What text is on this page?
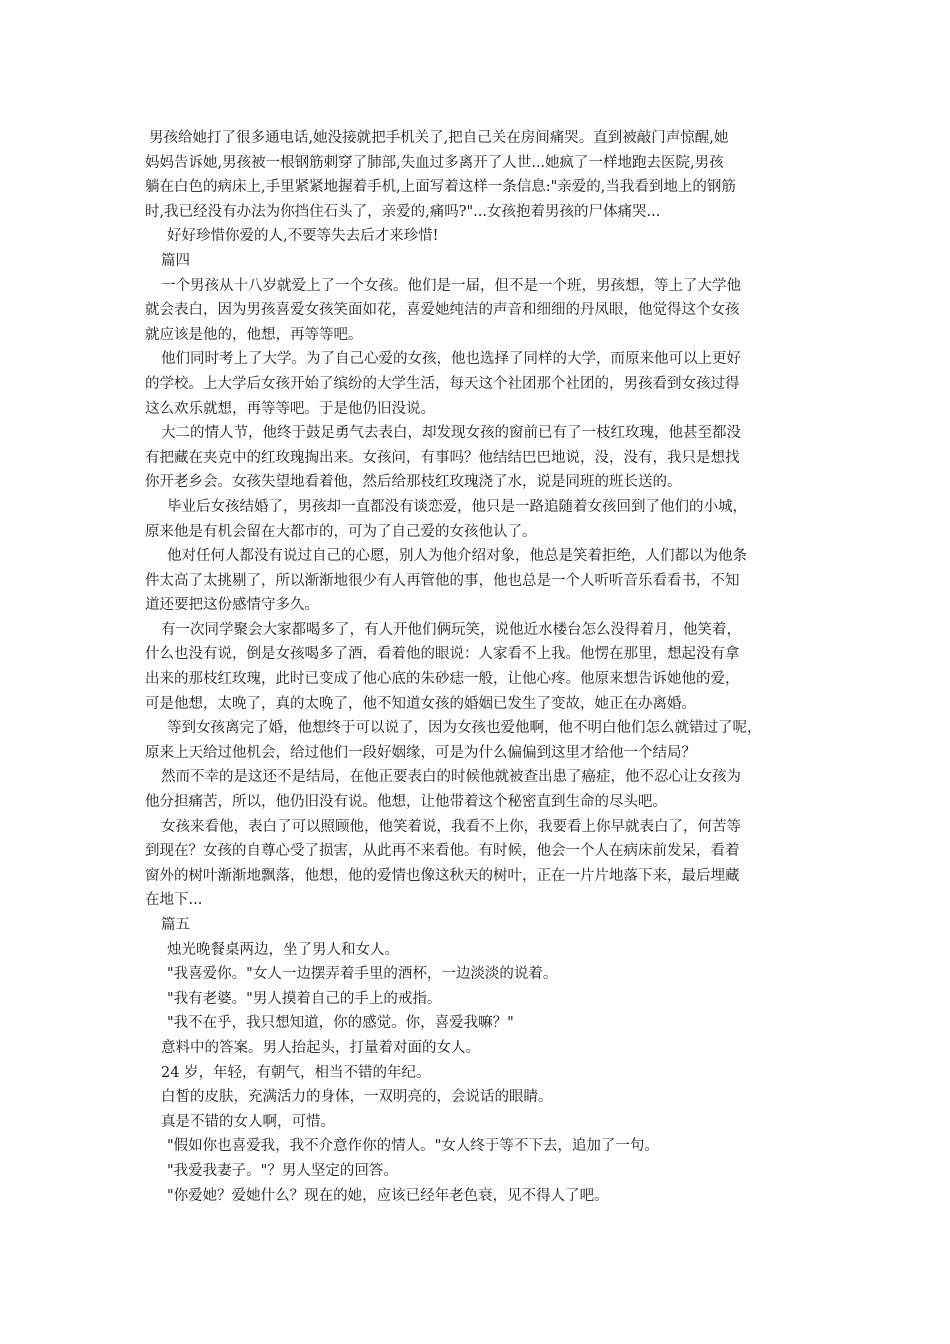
男孩给她打了很多通电话,她没接就把手机关了,把自己关在房间痛哭。直到被敲门声惊醒,她
妈妈告诉她,男孩被一根钢筋刺穿了肺部,失血过多离开了人世...她疯了一样地跑去医院,男孩
躺在白色的病床上,手里紧紧地握着手机,上面写着这样一条信息:"亲爱的,当我看到地上的钢筋
时,我已经没有办法为你挡住石头了，亲爱的,痛吗?"...女孩抱着男孩的尸体痛哭...
好好珍惜你爱的人,不要等失去后才来珍惜!
篇四
一个男孩从十八岁就爱上了一个女孩。他们是一届，但不是一个班，男孩想，等上了大学他
就会表白，因为男孩喜爱女孩笑面如花，喜爱她纯洁的声音和细细的丹凤眼，他觉得这个女孩
就应该是他的，他想，再等等吧。
他们同时考上了大学。为了自己心爱的女孩，他也选择了同样的大学，而原来他可以上更好
的学校。上大学后女孩开始了缤纷的大学生活，每天这个社团那个社团的，男孩看到女孩过得
这么欢乐就想，再等等吧。于是他仍旧没说。
大二的情人节，他终于鼓足勇气去表白，却发现女孩的窗前已有了一枝红玫瑰，他甚至都没
有把藏在夹克中的红玫瑰掏出来。女孩问，有事吗？他结结巴巴地说，没，没有，我只是想找
你开老乡会。女孩失望地看着他，然后给那枝红玫瑰浇了水，说是同班的班长送的。
毕业后女孩结婚了，男孩却一直都没有谈恋爱，他只是一路追随着女孩回到了他们的小城，
原来他是有机会留在大都市的，可为了自己爱的女孩他认了。
他对任何人都没有说过自己的心愿，别人为他介绍对象，他总是笑着拒绝，人们都以为他条
件太高了太挑剔了，所以渐渐地很少有人再管他的事，他也总是一个人听听音乐看看书，不知
道还要把这份感情守多久。
有一次同学聚会大家都喝多了，有人开他们俩玩笑，说他近水楼台怎么没得着月，他笑着，
什么也没有说，倒是女孩喝多了酒，看着他的眼说：人家看不上我。他愣在那里，想起没有拿
出来的那枝红玫瑰，此时已变成了他心底的朱砂痣一般，让他心疼。他原来想告诉她他的爱，
可是他想，太晚了，真的太晚了，他不知道女孩的婚姻已发生了变故，她正在办离婚。
等到女孩离完了婚，他想终于可以说了，因为女孩也爱他啊，他不明白他们怎么就错过了呢，
原来上天给过他机会，给过他们一段好姻缘，可是为什么偏偏到这里才给他一个结局？
然而不幸的是这还不是结局，在他正要表白的时候他就被查出患了癌症，他不忍心让女孩为
他分担痛苦，所以，他仍旧没有说。他想，让他带着这个秘密直到生命的尽头吧。
女孩来看他，表白了可以照顾他，他笑着说，我看不上你，我要看上你早就表白了，何苦等
到现在？女孩的自尊心受了损害，从此再不来看他。有时候，他会一个人在病床前发呆，看着
窗外的树叶渐渐地飘落，他想，他的爱情也像这秋天的树叶，正在一片片地落下来，最后埋藏
在地下...
篇五
烛光晚餐桌两边，坐了男人和女人。
"我喜爱你。"女人一边摆弄着手里的酒杯，一边淡淡的说着。
"我有老婆。"男人摸着自己的手上的戒指。
"我不在乎，我只想知道，你的感觉。你，喜爱我嘛？"
意料中的答案。男人抬起头，打量着对面的女人。
24 岁，年轻，有朝气，相当不错的年纪。
白皙的皮肤，充满活力的身体，一双明亮的，会说话的眼睛。
真是不错的女人啊，可惜。
"假如你也喜爱我，我不介意作你的情人。"女人终于等不下去，追加了一句。
"我爱我妻子。"？男人坚定的回答。
"你爱她？爱她什么？现在的她，应该已经年老色衰，见不得人了吧。
